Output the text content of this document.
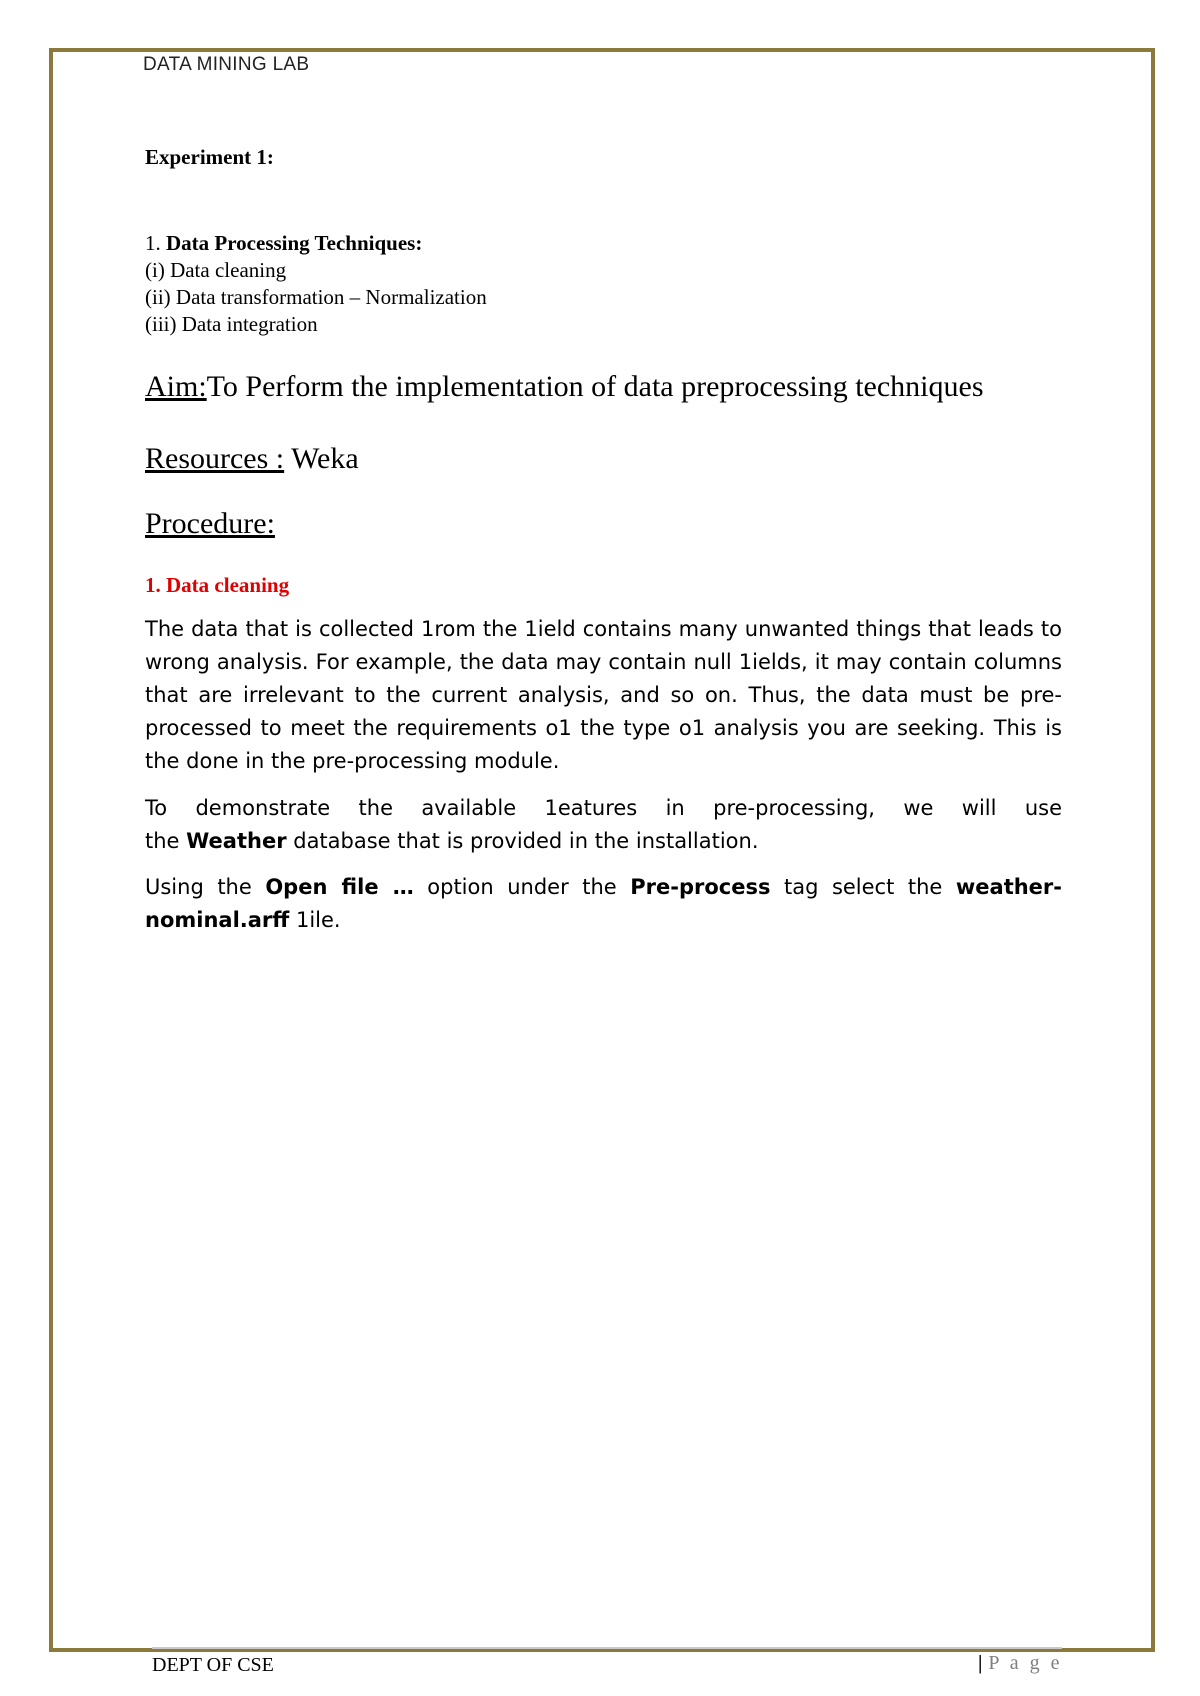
DATA MINING LAB
Experiment 1:
1. Data Processing Techniques:
(i) Data cleaning
(ii) Data transformation – Normalization
(iii) Data integration
Aim:To Perform the implementation of data preprocessing techniques
Resources : Weka
Procedure:
1. Data cleaning

The data that is collected 1rom the 1ield contains many unwanted things that leads to wrong analysis. For example, the data may contain null 1ields, it may contain columns that are irrelevant to the current analysis, and so on. Thus, the data must be pre-processed to meet the requirements o1 the type o1 analysis you are seeking. This is the done in the pre-processing module.

To demonstrate the available 1eatures in pre-processing, we will use
the Weather database that is provided in the installation.

Using the Open file … option under the Pre-process tag select the weather-nominal.arff 1ile.

DEPT OF CSE	|P a g e
